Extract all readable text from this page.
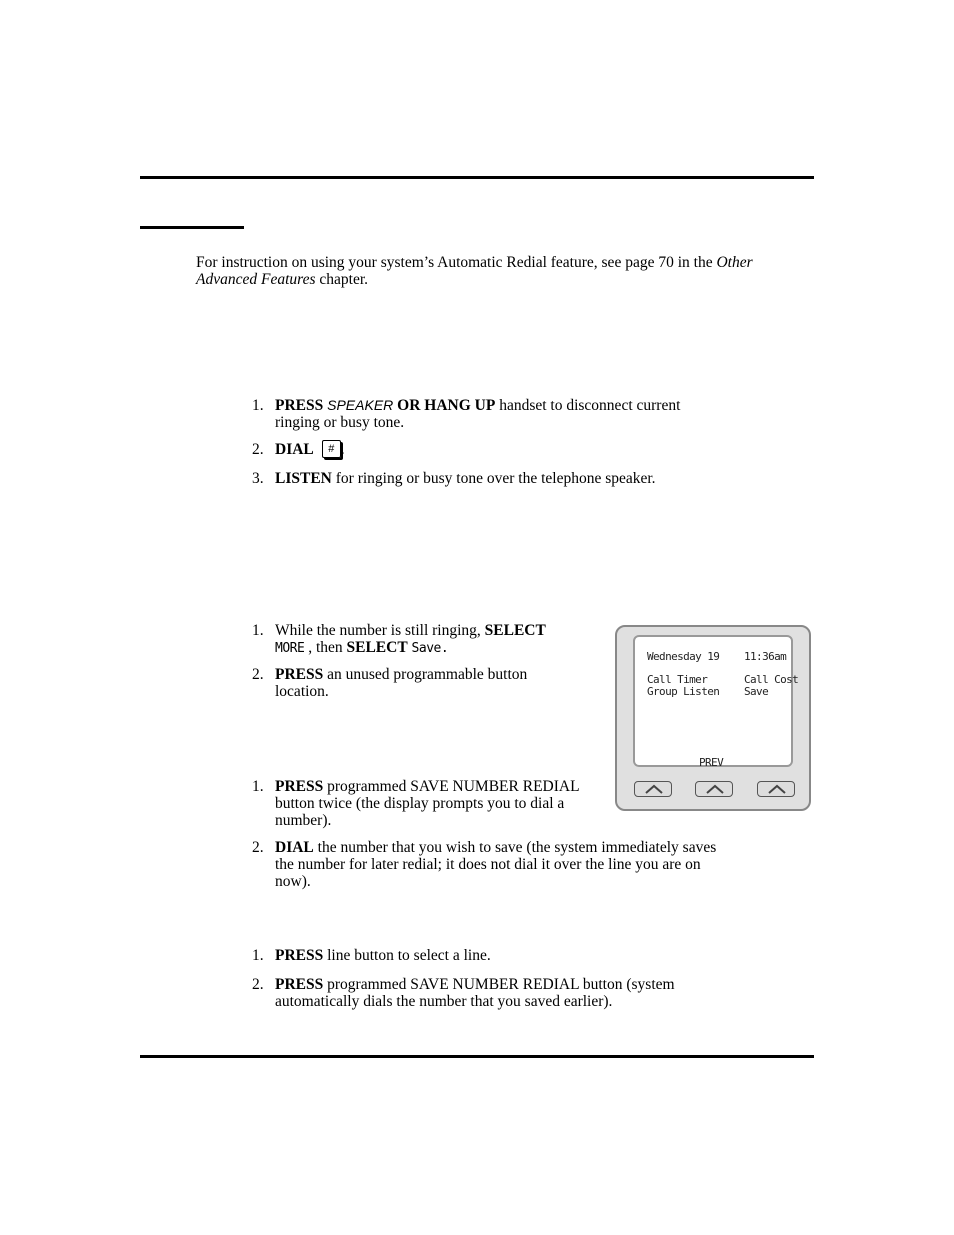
For instruction on using your system’s Automatic Redial feature, see page 70 in the Other Advanced Features chapter.
1. PRESS SPEAKER OR HANG UP handset to disconnect current ringing or busy tone.
2. DIAL # .
3. LISTEN for ringing or busy tone over the telephone speaker.
1. While the number is still ringing, SELECT
MORE , then SELECT Save.
2. PRESS an unused programmable button location.
1. PRESS programmed SAVE NUMBER REDIAL button twice (the display prompts you to dial a number).
2. DIAL the number that you wish to save (the system immediately saves the number for later redial; it does not dial it over the line you are on now).
1. PRESS line button to select a line.
2. PRESS programmed SAVE NUMBER REDIAL button (system automatically dials the number that you saved earlier).
Wednesday 19 11:36am
Call Timer
Group Listen
Call Cost
Save
PREV
